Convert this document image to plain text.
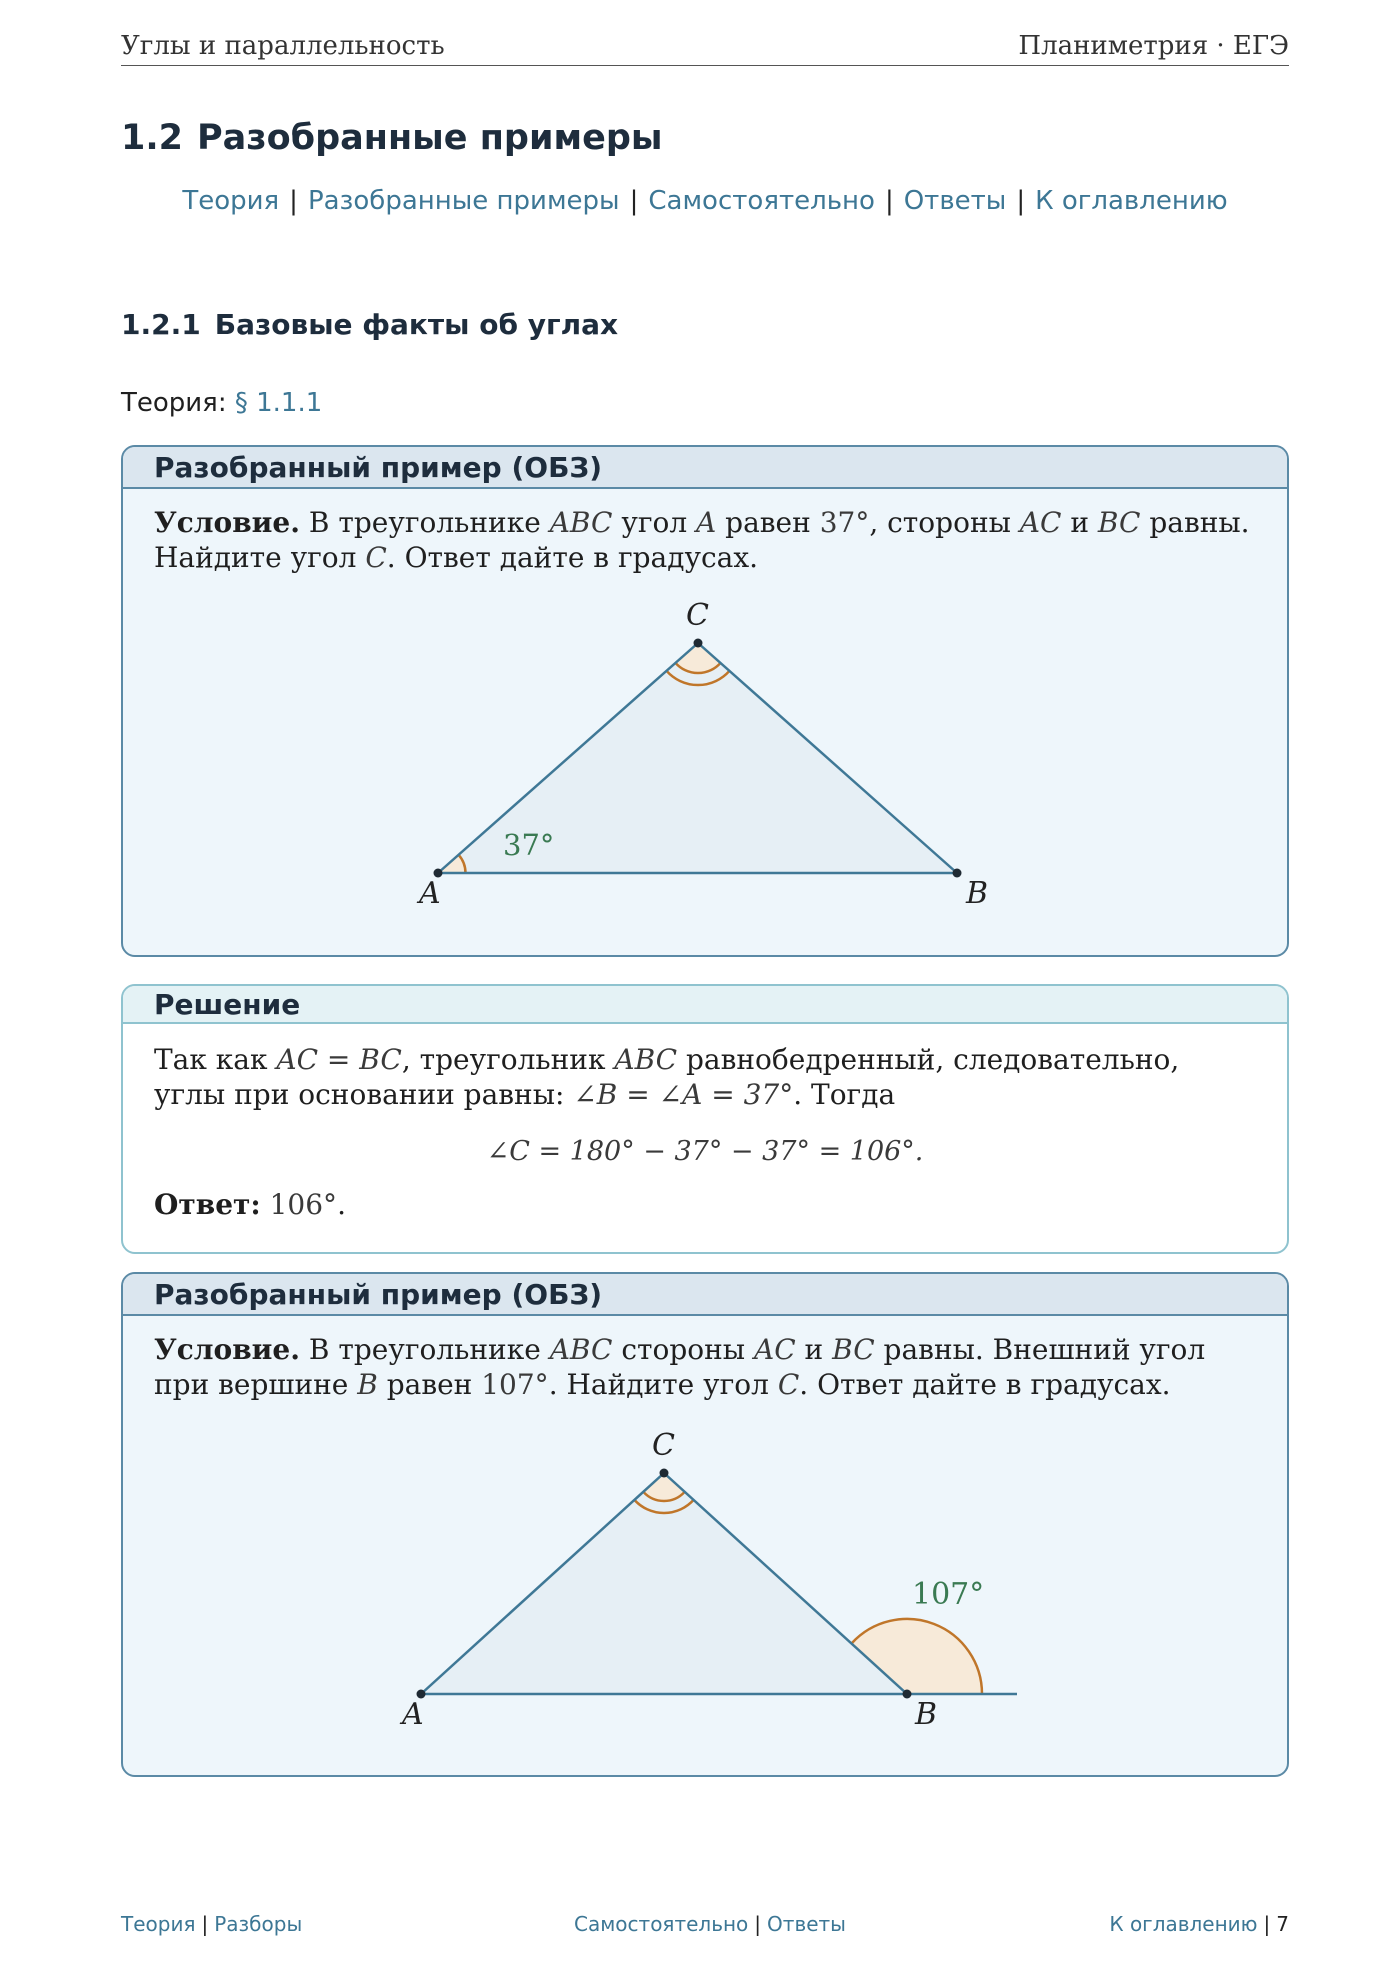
Углы и параллельность	Планиметрия · ЕГЭ
1.2 Разобранные примеры
Теория | Разобранные примеры | Самостоятельно | Ответы | К оглавлению
1.2.1 Базовые факты об углах
Теория: § 1.1.1
Разобранный пример (ОБЗ)
Условие. В треугольнике ABC угол A равен 37°, стороны AC и BC равны. Найдите угол C. Ответ дайте в градусах.
A	B
C
37°
Решение
Так как AC = BC, треугольник ABC равнобедренный, следовательно, углы при основании равны: ∠B = ∠A = 37°. Тогда
∠C = 180° − 37° − 37° = 106°.
Ответ: 106°.
Разобранный пример (ОБЗ)
Условие. В треугольнике ABC стороны AC и BC равны. Внешний угол при вершине B равен 107°. Найдите угол C. Ответ дайте в градусах.
A	B
C
107°
Теория | Разборы	Самостоятельно | Ответы	К оглавлению | 7
